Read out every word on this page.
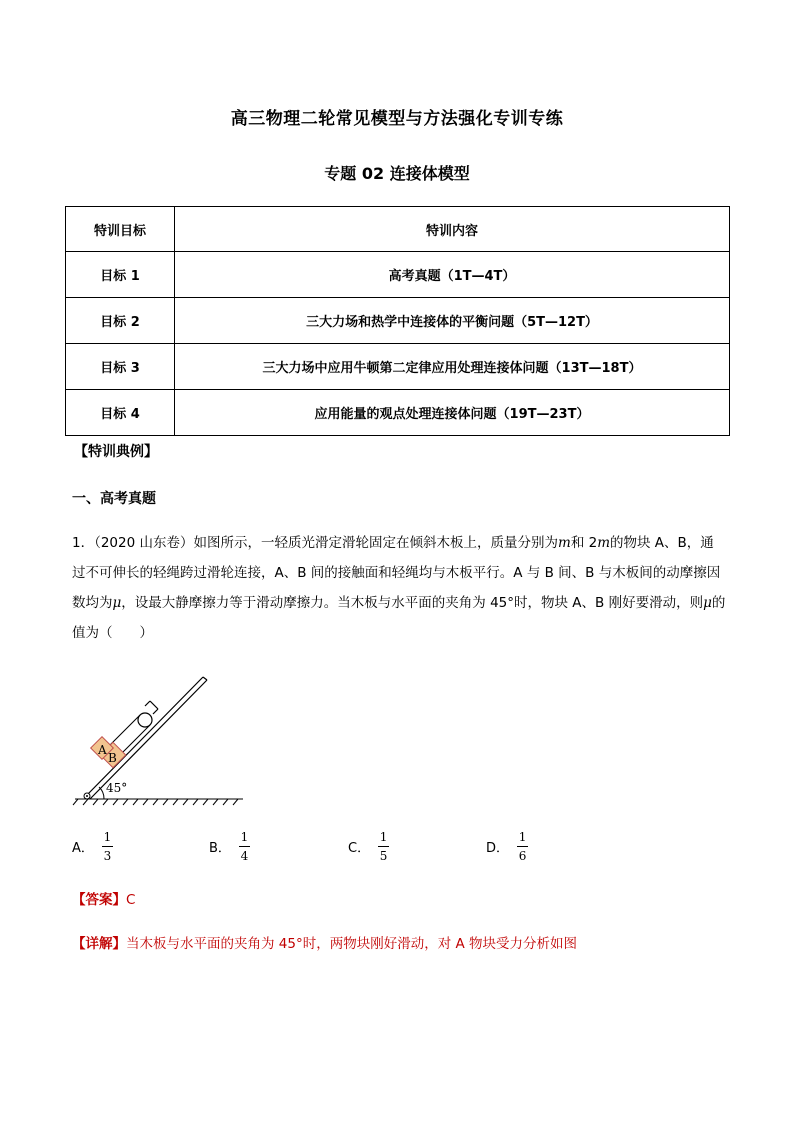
高三物理二轮常见模型与方法强化专训专练
专题 02 连接体模型
特训目标	特训内容
目标 1	高考真题（1T—4T）
目标 2	三大力场和热学中连接体的平衡问题（5T—12T）
目标 3	三大力场中应用牛顿第二定律应用处理连接体问题（13T—18T）
目标 4	应用能量的观点处理连接体问题（19T—23T）
【特训典例】
一、高考真题
1．（2020 山东卷）如图所示，一轻质光滑定滑轮固定在倾斜木板上，质量分别为m和 2m的物块 A、B，通过不可伸长的轻绳跨过滑轮连接，A、B 间的接触面和轻绳均与木板平行。A 与 B 间、B 与木板间的动摩擦因数均为μ，设最大静摩擦力等于滑动摩擦力。当木板与水平面的夹角为 45°时，物块 A、B 刚好要滑动，则μ的值为（　　）
45°
A
B
A． $\frac{1}{3}$	B． $\frac{1}{4}$	C． $\frac{1}{5}$	D． $\frac{1}{6}$
【答案】C
【详解】当木板与水平面的夹角为 45°时，两物块刚好滑动，对 A 物块受力分析如图
